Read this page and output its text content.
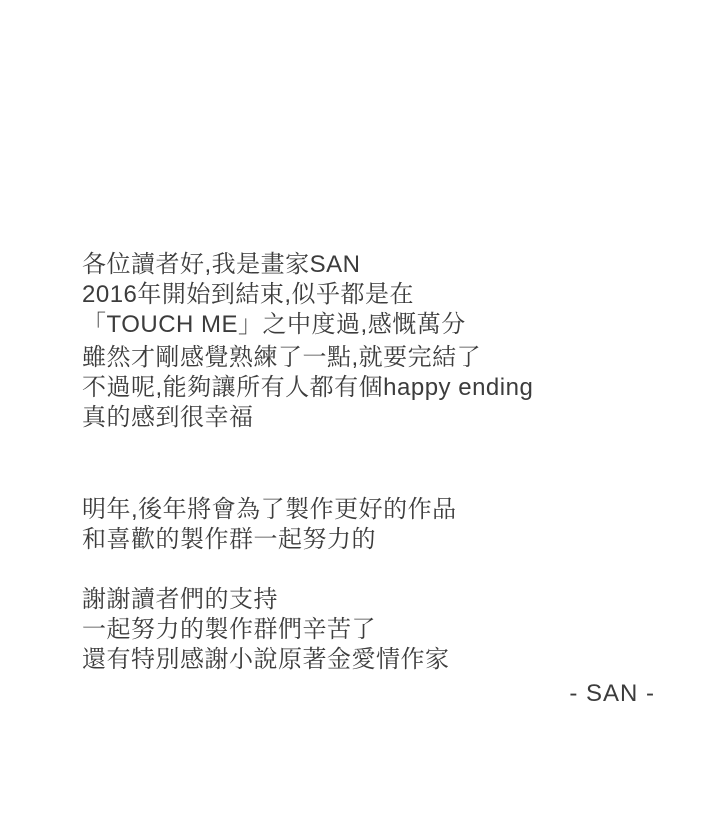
各位讀者好,我是畫家SAN
2016年開始到結束,似乎都是在
「TOUCH ME」之中度過,感慨萬分

雖然才剛感覺熟練了一點,就要完結了
不過呢,能夠讓所有人都有個happy ending
真的感到很幸福

明年,後年將會為了製作更好的作品
和喜歡的製作群一起努力的

謝謝讀者們的支持
一起努力的製作群們辛苦了
還有特別感謝小說原著金愛情作家

- SAN -
